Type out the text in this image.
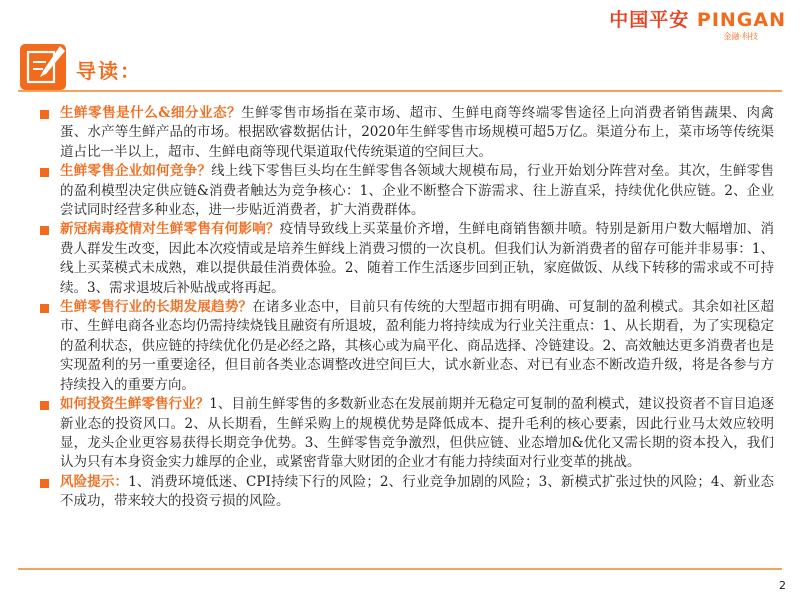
中国平安 PINGAN
金融·科技
导读：

生鲜零售是什么&细分业态？生鲜零售市场指在菜市场、超市、生鲜电商等终端零售途径上向消费者销售蔬果、肉禽蛋、水产等生鲜产品的市场。根据欧睿数据估计，2020年生鲜零售市场规模可超5万亿。渠道分布上，菜市场等传统渠道占比一半以上，超市、生鲜电商等现代渠道取代传统渠道的空间巨大。

生鲜零售企业如何竞争？线上线下零售巨头均在生鲜零售各领域大规模布局，行业开始划分阵营对垒。其次，生鲜零售的盈利模型决定供应链&消费者触达为竞争核心：1、企业不断整合下游需求、往上游直采，持续优化供应链。2、企业尝试同时经营多种业态，进一步贴近消费者，扩大消费群体。

新冠病毒疫情对生鲜零售有何影响？疫情导致线上买菜量价齐增，生鲜电商销售额井喷。特别是新用户数大幅增加、消费人群发生改变，因此本次疫情或是培养生鲜线上消费习惯的一次良机。但我们认为新消费者的留存可能并非易事：1、线上买菜模式未成熟，难以提供最佳消费体验。2、随着工作生活逐步回到正轨，家庭做饭、从线下转移的需求或不可持续。3、需求退坡后补贴战或将再起。

生鲜零售行业的长期发展趋势？在诸多业态中，目前只有传统的大型超市拥有明确、可复制的盈利模式。其余如社区超市、生鲜电商各业态均仍需持续烧钱且融资有所退坡，盈利能力将持续成为行业关注重点：1、从长期看，为了实现稳定的盈利状态，供应链的持续优化仍是必经之路，其核心或为扁平化、商品选择、冷链建设。2、高效触达更多消费者也是实现盈利的另一重要途径，但目前各类业态调整改进空间巨大，试水新业态、对已有业态不断改造升级，将是各参与方持续投入的重要方向。

如何投资生鲜零售行业？1、目前生鲜零售的多数新业态在发展前期并无稳定可复制的盈利模式，建议投资者不盲目追逐新业态的投资风口。2、从长期看，生鲜采购上的规模优势是降低成本、提升毛利的核心要素，因此行业马太效应较明显，龙头企业更容易获得长期竞争优势。3、生鲜零售竞争激烈，但供应链、业态增加&优化又需长期的资本投入，我们认为只有本身资金实力雄厚的企业，或紧密背靠大财团的企业才有能力持续面对行业变革的挑战。

风险提示：1、消费环境低迷、CPI持续下行的风险；2、行业竞争加剧的风险；3、新模式扩张过快的风险；4、新业态不成功，带来较大的投资亏损的风险。

2
